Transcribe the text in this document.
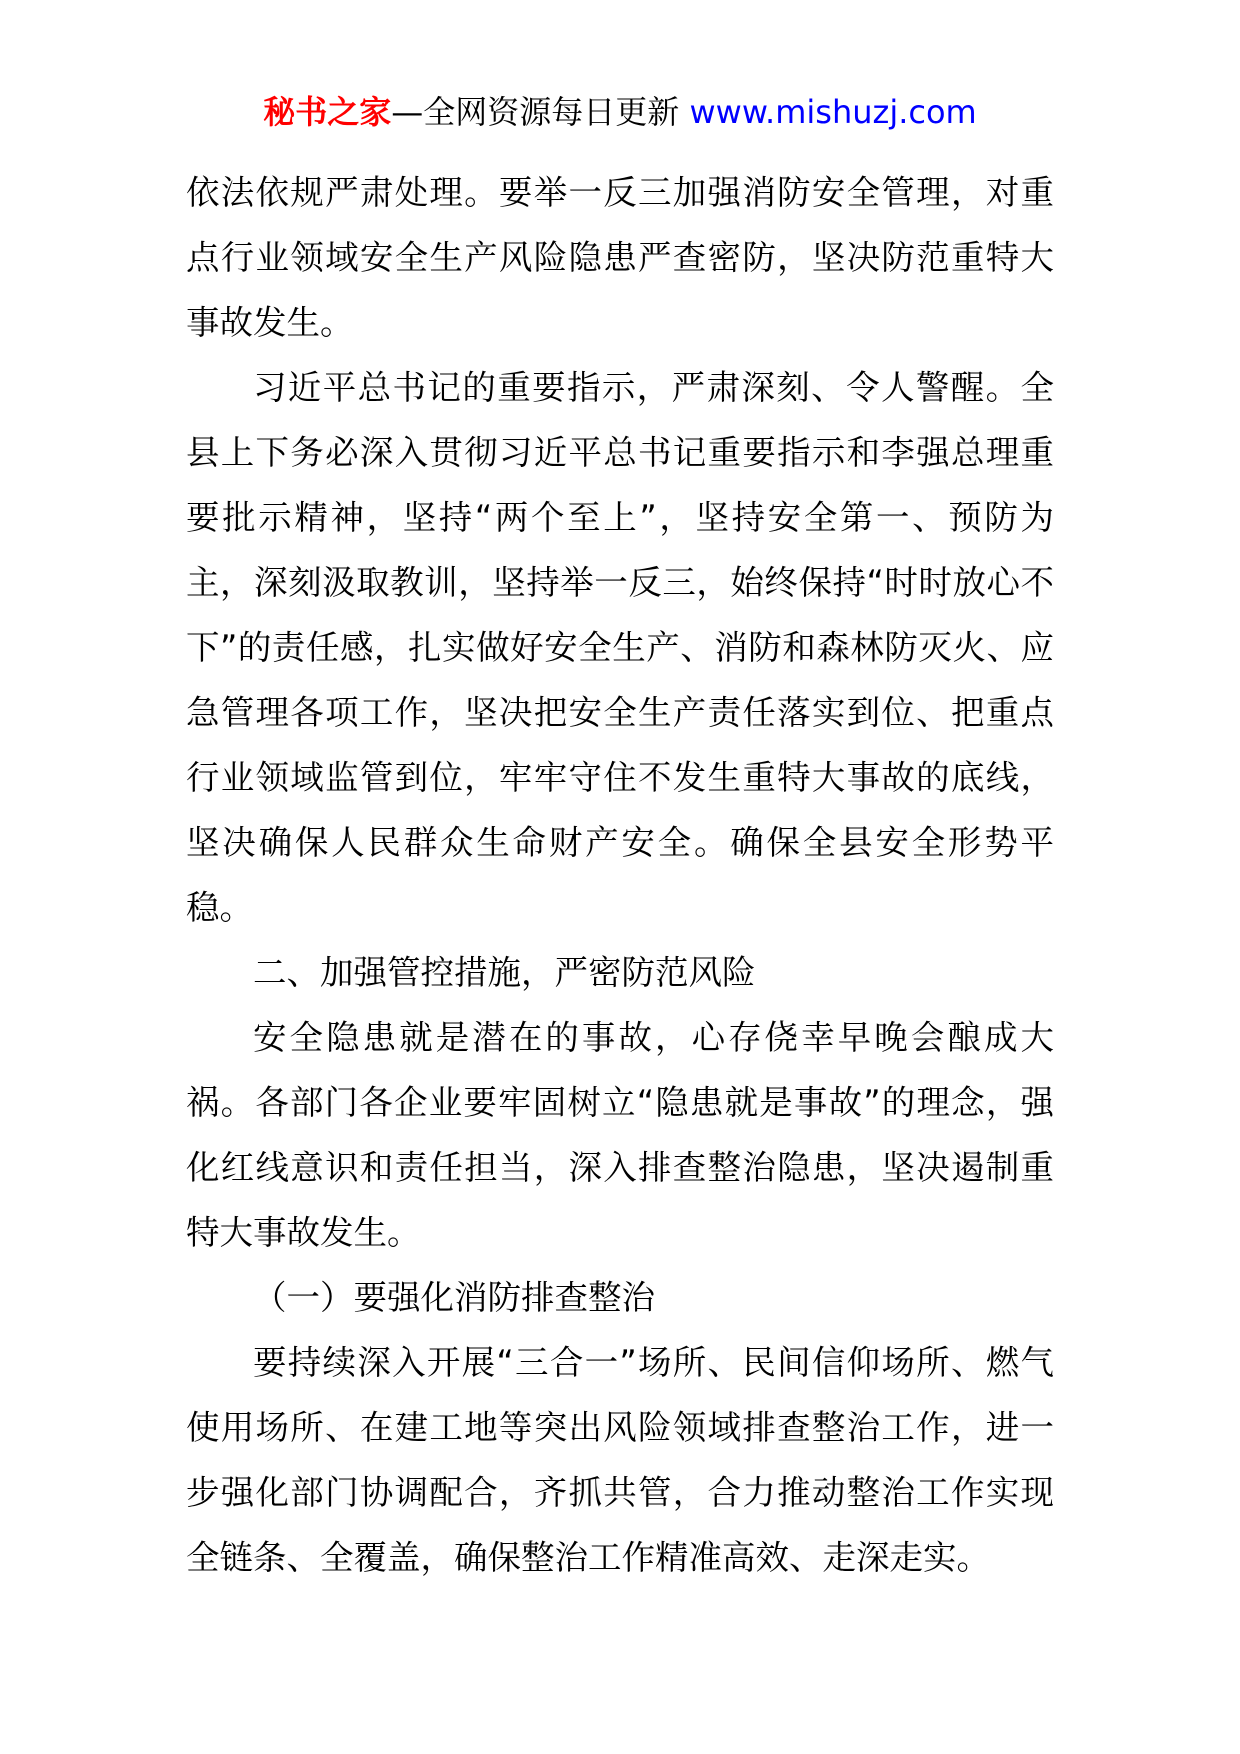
秘书之家—全网资源每日更新 www.mishuzj.com

依法依规严肃处理。要举一反三加强消防安全管理，对重点行业领域安全生产风险隐患严查密防，坚决防范重特大事故发生。

习近平总书记的重要指示，严肃深刻、令人警醒。全县上下务必深入贯彻习近平总书记重要指示和李强总理重要批示精神，坚持“两个至上”，坚持安全第一、预防为主，深刻汲取教训，坚持举一反三，始终保持“时时放心不下”的责任感，扎实做好安全生产、消防和森林防灭火、应急管理各项工作，坚决把安全生产责任落实到位、把重点行业领域监管到位，牢牢守住不发生重特大事故的底线，坚决确保人民群众生命财产安全。确保全县安全形势平稳。

二、加强管控措施，严密防范风险

安全隐患就是潜在的事故，心存侥幸早晚会酿成大祸。各部门各企业要牢固树立“隐患就是事故”的理念，强化红线意识和责任担当，深入排查整治隐患，坚决遏制重特大事故发生。

（一）要强化消防排查整治

要持续深入开展“三合一”场所、民间信仰场所、燃气使用场所、在建工地等突出风险领域排查整治工作，进一步强化部门协调配合，齐抓共管，合力推动整治工作实现全链条、全覆盖，确保整治工作精准高效、走深走实。
